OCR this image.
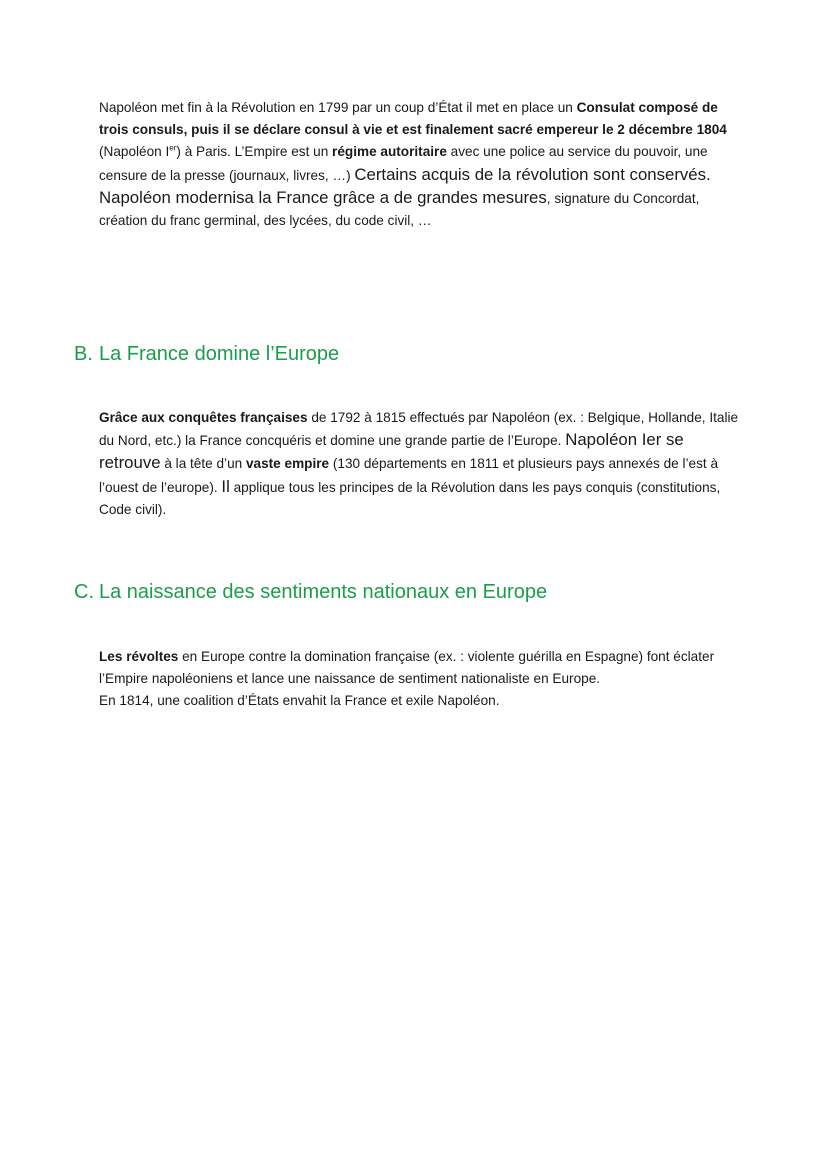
Napoléon met fin à la Révolution en 1799 par un coup d’État il met en place un Consulat composé de trois consuls, puis il se déclare consul à vie et est finalement sacré empereur le 2 décembre 1804 (Napoléon Ier) à Paris. L’Empire est un régime autoritaire avec une police au service du pouvoir, une censure de la presse (journaux, livres, …) Certains acquis de la révolution sont conservés. Napoléon modernisa la France grâce a de grandes mesures, signature du Concordat, création du franc germinal, des lycées, du code civil, …

B. La France domine l’Europe

Grâce aux conquêtes françaises de 1792 à 1815 effectués par Napoléon (ex. : Belgique, Hollande, Italie du Nord, etc.) la France concquéris et domine une grande partie de l’Europe. Napoléon Ier se retrouve à la tête d’un vaste empire (130 départements en 1811 et plusieurs pays annexés de l’est à l’ouest de l’europe). Il applique tous les principes de la Révolution dans les pays conquis (constitutions, Code civil).

C. La naissance des sentiments nationaux en Europe

Les révoltes en Europe contre la domination française (ex. : violente guérilla en Espagne) font éclater l’Empire napoléoniens et lance une naissance de sentiment nationaliste en Europe.
En 1814, une coalition d’États envahit la France et exile Napoléon.
